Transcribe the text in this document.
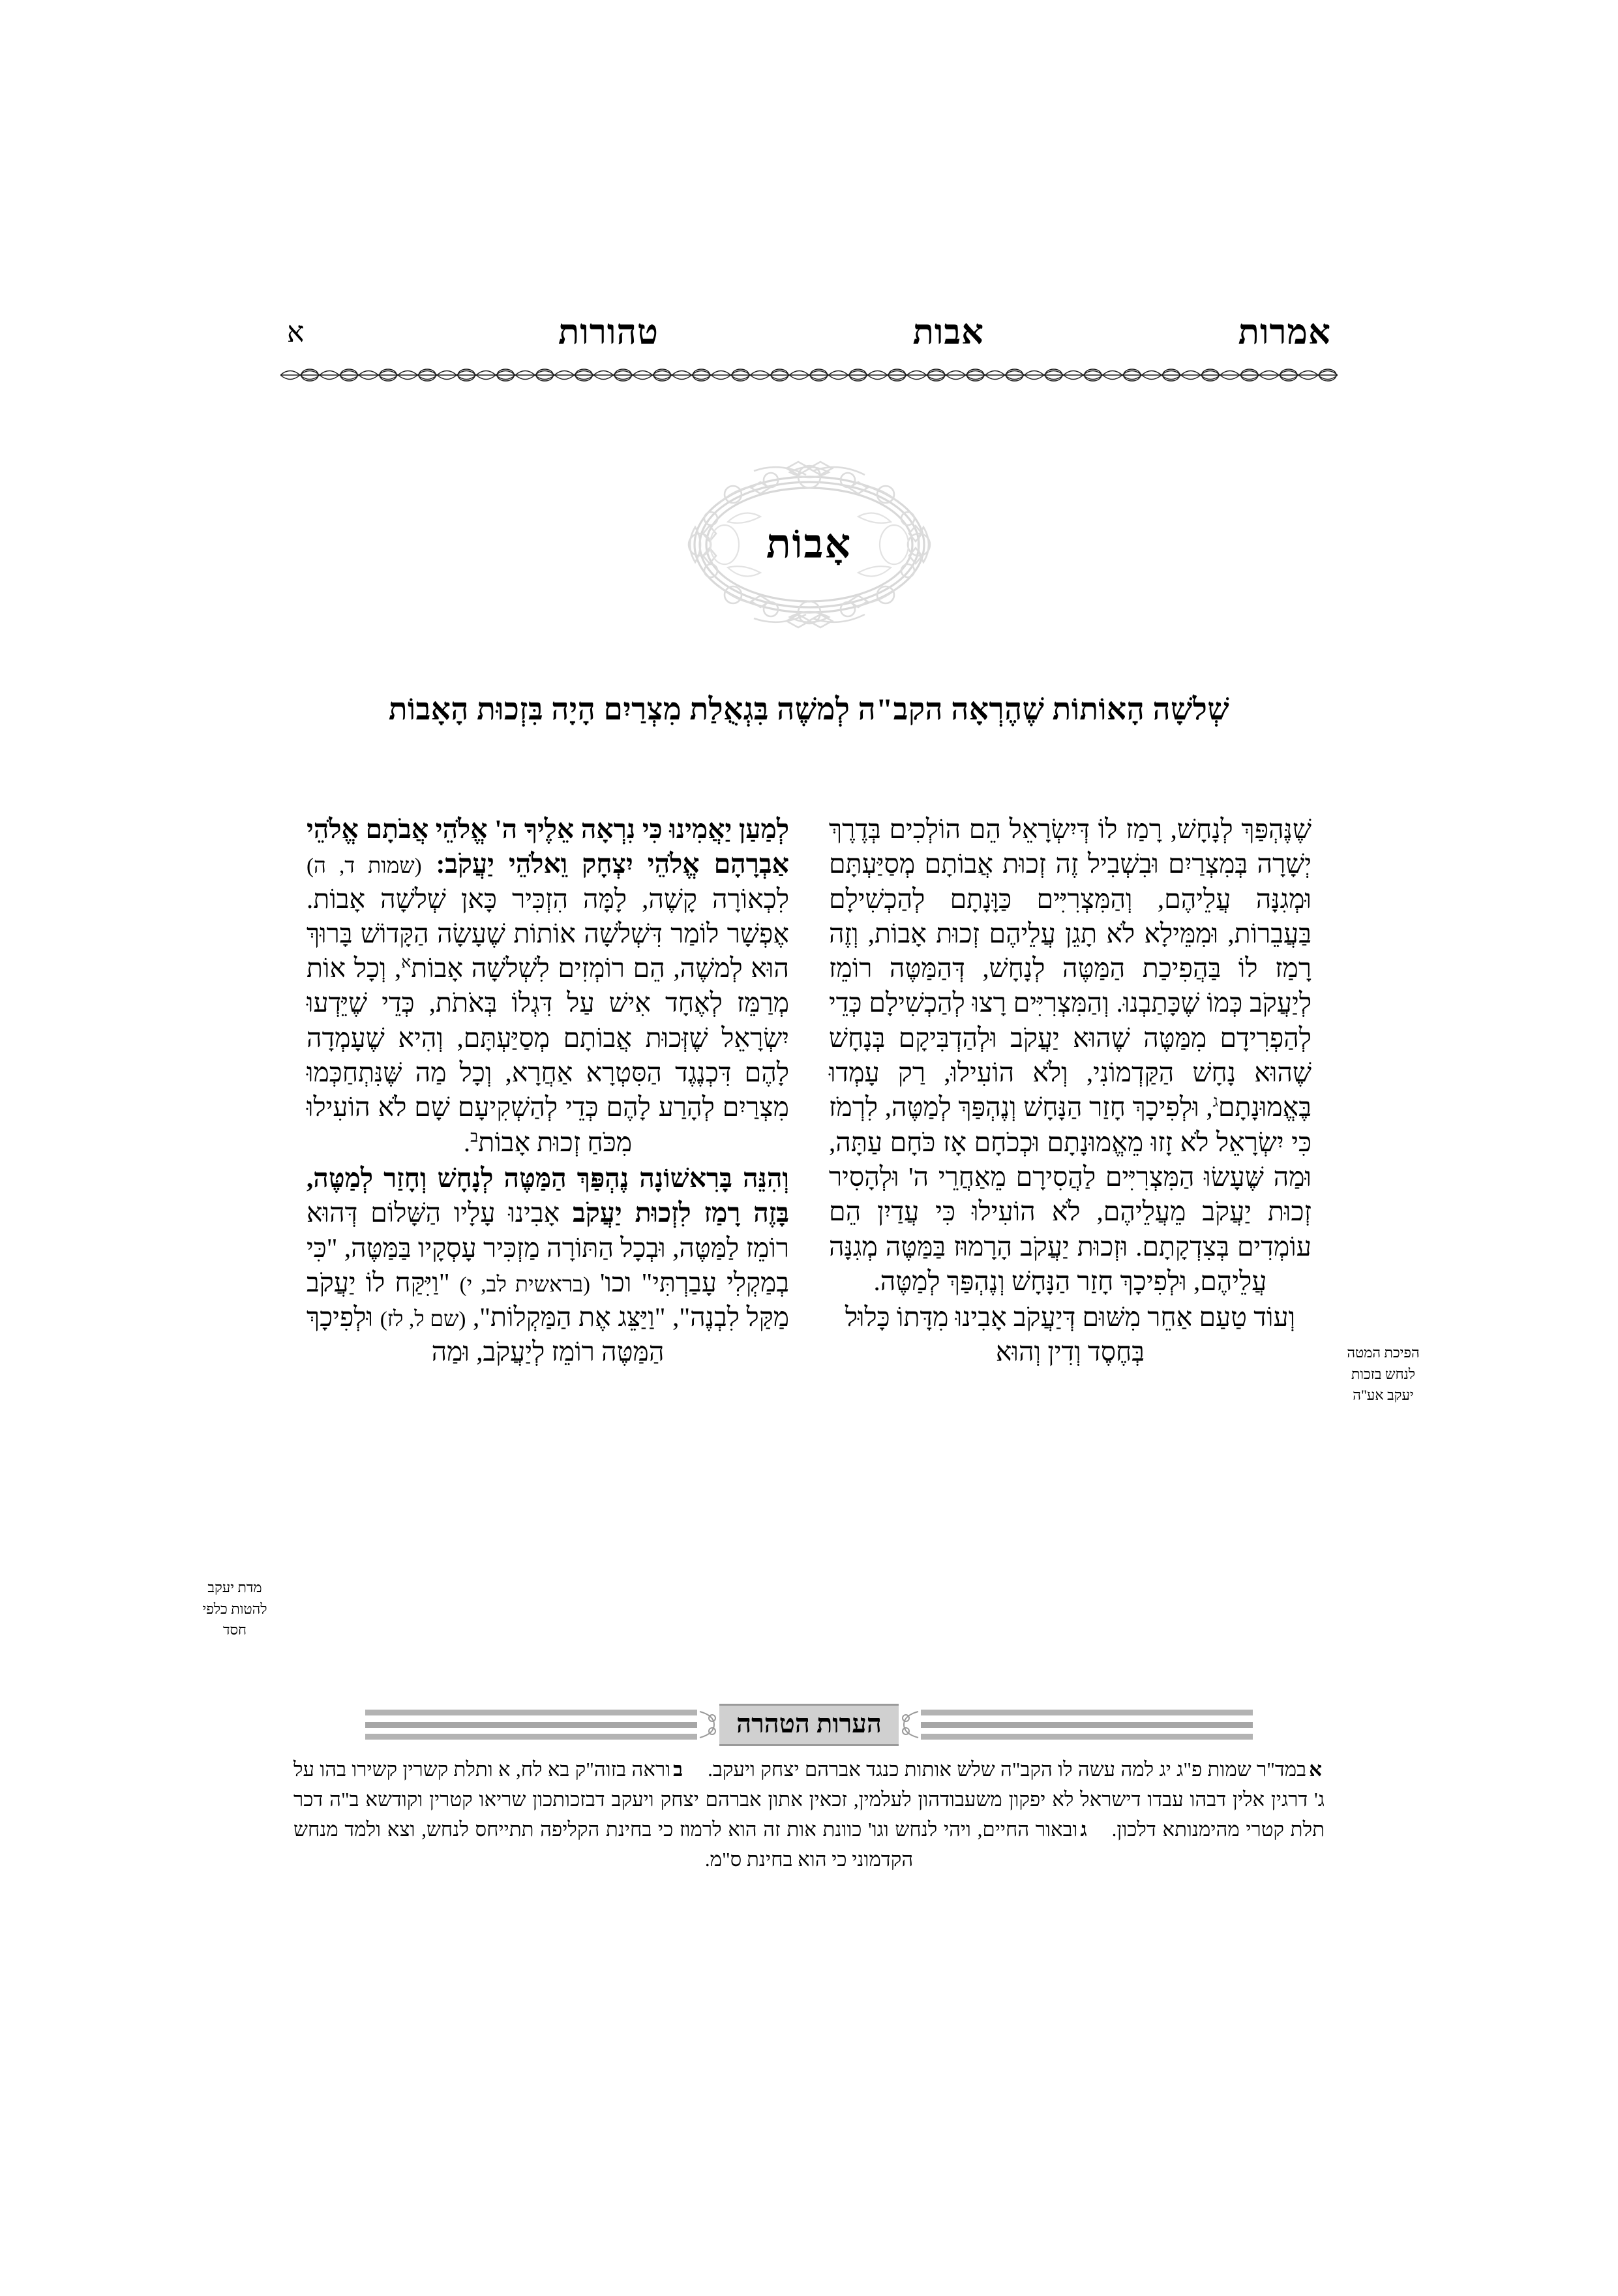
אמרות
אבות
טהורות
א
אָבוֹת
שְׁלשָׁה הָאוֹתוֹת שֶׁהֶרְאָה הקב"ה לְמשֶׁה בִּגְאֻלַת מִצְרַיִם הָיָה בִּזְכוּת הָאָבוֹת

שֶׁנֶּהְפַּךְ לְנָחָשׁ, רָמַז לוֹ דְּיִשְׂרָאֵל הֵם הוֹלְכִים בְּדֶרֶךְ יְשָׁרָה בְּמִצְרַיִם וּבִשְׁבִיל זֶה זְכוּת אֲבוֹתָם מְסַיַּעְתָּם וּמְגִנָּה עֲלֵיהֶם, וְהַמִּצְרִיִּים כַּוָּנָתָם לְהַכְשִׁילָם בַּעֲבֵרוֹת, וּמִמֵּילָא לֹא תָגֵן עֲלֵיהֶם זְכוּת אָבוֹת, וְזֶה רָמַז לוֹ בַּהֲפִיכַת הַמַּטֶּה לְנָחָשׁ, דְּהַמַּטֶּה רוֹמֵז לְיַעֲקֹב כְּמוֹ שֶׁכָּתַבְנוּ. וְהַמִּצְרִיִּים רָצוּ לְהַכְשִׁילָם כְּדֵי לְהַפְרִידָם מִמַּטֶּה שֶׁהוּא יַעֲקֹב וּלְהַדְבִּיקָם בְּנָחָשׁ שֶׁהוּא נָחָשׁ הַקַּדְמוֹנִי, וְלֹא הוֹעִילוּ, רַק עָמְדוּ בֶּאֱמוּנָתָם$^ג$, וּלְפִיכָךְ חָזַר הַנָּחָשׁ וְנֶהְפַּךְ לְמַטֶּה, לִרְמֹז כִּי יִשְׂרָאֵל לֹא זָזוּ מֵאֱמוּנָתָם וּכְכֹחָם אָז כֹּחָם עַתָּה, וּמַה שֶּׁעָשׂוּ הַמִּצְרִיִּים לַהֲסִירָם מֵאַחֲרֵי ה' וּלְהָסִיר זְכוּת יַעֲקֹב מֵעֲלֵיהֶם, לֹא הוֹעִילוּ כִּי עֲדַיִן הֵם עוֹמְדִים בְּצִדְקָתָם. וּזְכוּת יַעֲקֹב הָרָמוּז בַּמַּטֶּה מְגִנָּה עֲלֵיהֶם, וּלְפִיכָךְ חָזַר הַנָּחָשׁ וְנֶהְפַּךְ לְמַטֶּה.

וְעוֹד טַעַם אַחֵר מִשּׁוּם דְּיַעֲקֹב אָבִינוּ מִדָּתוֹ כָּלוּל בְּחֶסֶד וְדִין וְהוּא

לְמַעַן יַאֲמִינוּ כִּי נִרְאָה אֵלֶיךָ ה' אֱלֹהֵי אֲבֹתָם אֱלֹהֵי אַבְרָהָם אֱלֹהֵי יִצְחָק וֵאלֹהֵי יַעֲקֹב: (שמות ד, ה) לִכְאוֹרָה קָשֶׁה, לָמָּה הִזְכִּיר כָּאן שְׁלשָׁה אָבוֹת. אֶפְשָׁר לוֹמַר דִּשְׁלשָׁה אוֹתוֹת שֶׁעָשָׂה הַקָּדוֹשׁ בָּרוּךְ הוּא לְמשֶׁה, הֵם רוֹמְזִים לִשְׁלשָׁה אָבוֹת$^א$, וְכָל אוֹת מְרַמֵּז לְאֶחָד אִישׁ עַל דִּגְלוֹ בְּאֹתֹת, כְּדֵי שֶׁיֵּדְעוּ יִשְׂרָאֵל שֶׁזְּכוּת אֲבוֹתָם מְסַיַּעְתָּם, וְהִיא שֶׁעָמְדָה לָהֶם דִּכְנֶגֶד הַסִּטְרָא אַחֲרָא, וְכָל מַה שֶּׁנִּתְחַכְּמוּ מִצְרַיִם לְהָרַע לָהֶם כְּדֵי לְהַשְׁקִיעָם שָׁם לֹא הוֹעִילוּ מִכֹּחַ זְכוּת אָבוֹת$^ב$.

וְהִנֵּה בָּרִאשׁוֹנָה נֶהְפַּךְ הַמַּטֶּה לְנָחָשׁ וְחָזַר לְמַטֶּה, בָּזֶה רָמַז לִזְכוּת יַעֲקֹב אָבִינוּ עָלָיו הַשָּׁלוֹם דְּהוּא רוֹמֵז לַמַּטֶּה, וּבְכָל הַתּוֹרָה מַזְכִּיר עָסְקָיו בַּמַּטֶּה, "כִּי בְמַקְלִי עָבַרְתִּי" וכו' (בראשית לב, י) "וַיִּקַּח לוֹ יַעֲקֹב מַקַּל לִבְנֶה", "וַיַּצֵּג אֶת הַמַּקְלוֹת", (שם ל, לז) וּלְפִיכָךְ הַמַּטֶּה רוֹמֵז לְיַעֲקֹב, וּמַה	הפיכת המטה לנחש בזכות יעקב אע"ה
מדת יעקב להטות כלפי חסד
הערות הטהרה
אבמד"ר שמות פ"ג יג למה עשה לו הקב"ה שלש אותות כנגד אברהם יצחק ויעקב.בוראה בזוה"ק בא לח, א ותלת קשרין קשירו בהו על ג' דרגין אלין דבהו עבדו דישראל לא יפקון משעבודהון לעלמין, זכאין אתון אברהם יצחק ויעקב דבזכותכון שריאו קטרין וקודשא ב"ה דכר תלת קטרי מהימנותא דלכון.גובאור החיים, ויהי לנחש וגו' כוונת אות זה הוא לרמוז כי בחינת הקליפה תתייחס לנחש, וצא ולמד מנחש הקדמוני כי הוא בחינת ס"מ.
